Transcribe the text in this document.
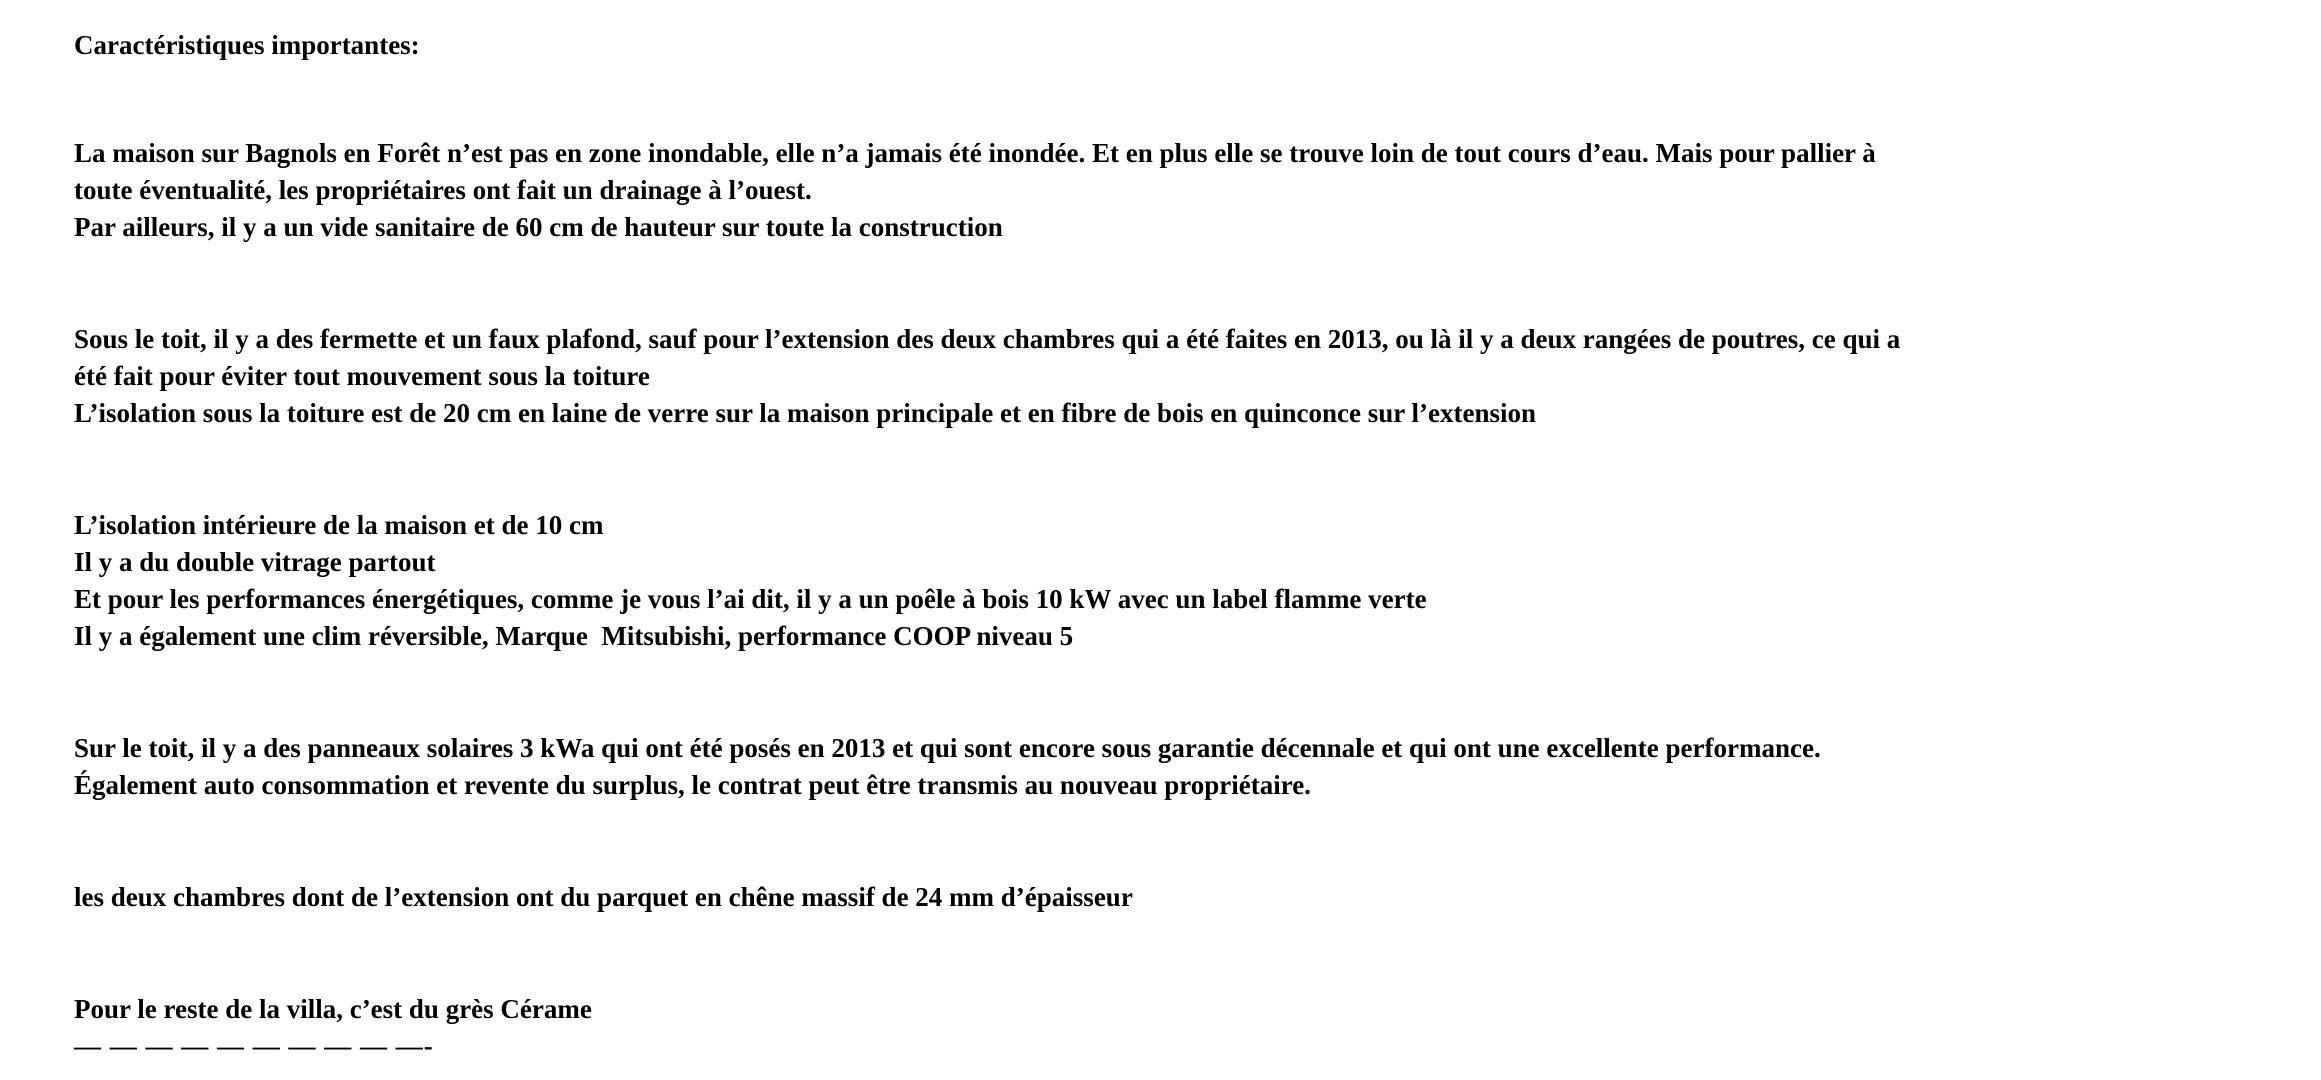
Caractéristiques importantes:

La maison sur Bagnols en Forêt n’est pas en zone inondable, elle n’a jamais été inondée. Et en plus elle se trouve loin de tout cours d’eau. Mais pour pallier à

toute éventualité, les propriétaires ont fait un drainage à l’ouest.

Par ailleurs, il y a un vide sanitaire de 60 cm de hauteur sur toute la construction

Sous le toit, il y a des fermette et un faux plafond, sauf pour l’extension des deux chambres qui a été faites en 2013, ou là il y a deux rangées de poutres, ce qui a

été fait pour éviter tout mouvement sous la toiture

L’isolation sous la toiture est de 20 cm en laine de verre sur la maison principale et en fibre de bois en quinconce sur l’extension

L’isolation intérieure de la maison et de 10 cm

Il y a du double vitrage partout

Et pour les performances énergétiques, comme je vous l’ai dit, il y a un poêle à bois 10 kW avec un label flamme verte

Il y a également une clim réversible, Marque  Mitsubishi, performance COOP niveau 5

Sur le toit, il y a des panneaux solaires 3 kWa qui ont été posés en 2013 et qui sont encore sous garantie décennale et qui ont une excellente performance.

Également auto consommation et revente du surplus, le contrat peut être transmis au nouveau propriétaire.

les deux chambres dont de l’extension ont du parquet en chêne massif de 24 mm d’épaisseur

Pour le reste de la villa, c’est du grès Cérame

— — — — — — — — — —-
